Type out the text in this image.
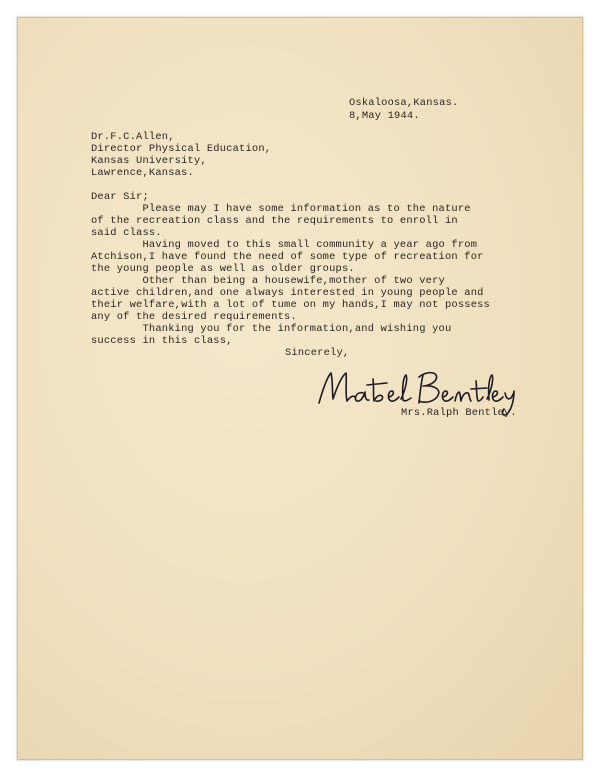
Oskaloosa,Kansas.
8,May 1944.
Dr.F.C.Allen,
Director Physical Education,
Kansas University,
Lawrence,Kansas.
Dear Sir;
Please may I have some information as to the nature
of the recreation class and the requirements to enroll in
said class.
Having moved to this small community a year ago from
Atchison,I have found the need of some type of recreation for
the young people as well as older groups.
Other than being a housewife,mother of two very
active children,and one always interested in young people and
their welfare,with a lot of tume on my hands,I may not possess
any of the desired requirements.
Thanking you for the information,and wishing you
success in this class,
Sincerely,
Mrs.Ralph Bentley.
